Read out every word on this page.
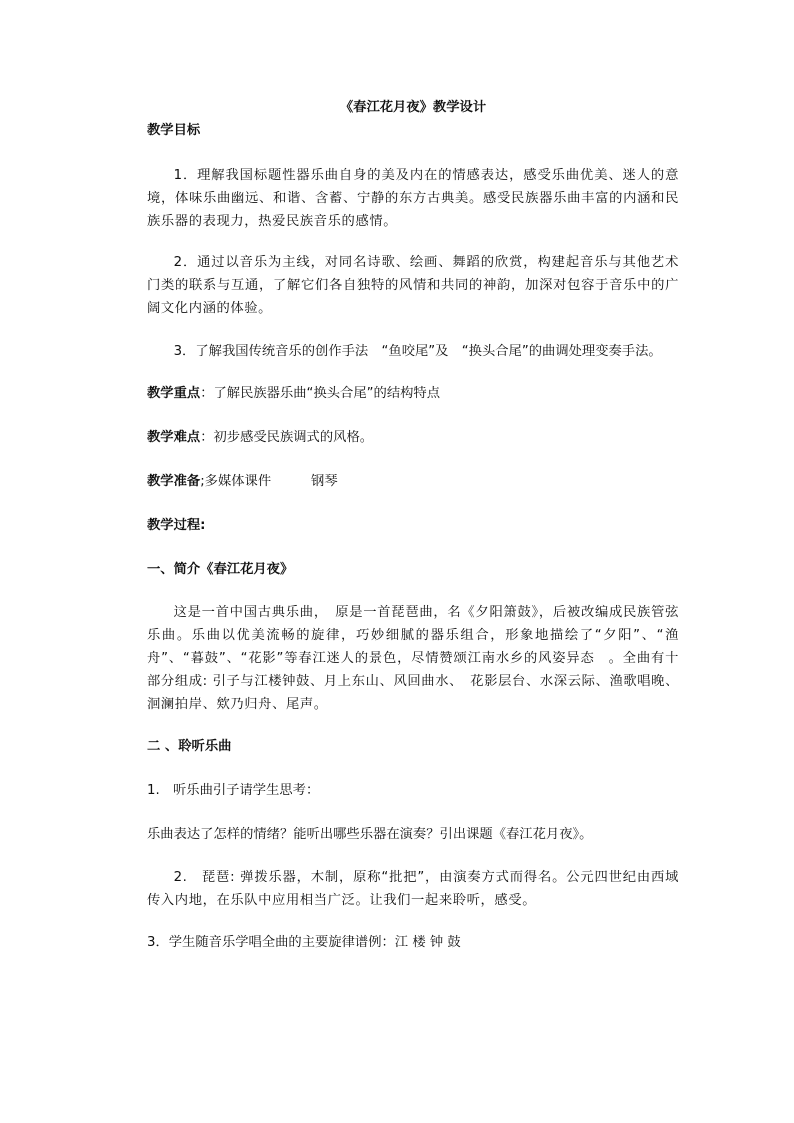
《春江花月夜》教学设计
教学目标
1．理解我国标题性器乐曲自身的美及内在的情感表达，感受乐曲优美、迷人的意境，体味乐曲幽远、和谐、含蓄、宁静的东方古典美。感受民族器乐曲丰富的内涵和民族乐器的表现力，热爱民族音乐的感情。
2．通过以音乐为主线，对同名诗歌、绘画、舞蹈的欣赏，构建起音乐与其他艺术门类的联系与互通，了解它们各自独特的风情和共同的神韵，加深对包容于音乐中的广阔文化内涵的体验。
3．了解我国传统音乐的创作手法　“鱼咬尾”及　“换头合尾”的曲调处理变奏手法。
教学重点：了解民族器乐曲“换头合尾”的结构特点
教学难点：初步感受民族调式的风格。
教学准备;多媒体课件　　　钢琴
教学过程:
一、简介《春江花月夜》
这是一首中国古典乐曲，　原是一首琵琶曲，名《夕阳箫鼓》，后被改编成民族管弦乐曲。乐曲以优美流畅的旋律，巧妙细腻的器乐组合，形象地描绘了“夕阳”、“渔舟”、“暮鼓”、“花影”等春江迷人的景色，尽情赞颂江南水乡的风姿异态　。全曲有十部分组成: 引子与江楼钟鼓、月上东山、风回曲水、　花影层台、水深云际、渔歌唱晚、洄澜拍岸、欸乃归舟、尾声。
二 、聆听乐曲
1.　听乐曲引子请学生思考：
乐曲表达了怎样的情绪？能听出哪些乐器在演奏？引出课题《春江花月夜》。
2.　琵琶: 弹拨乐器，木制，原称“批把”，由演奏方式而得名。公元四世纪由西域传入内地，在乐队中应用相当广泛。让我们一起来聆听，感受。
3．学生随音乐学唱全曲的主要旋律谱例：江 楼 钟 鼓
